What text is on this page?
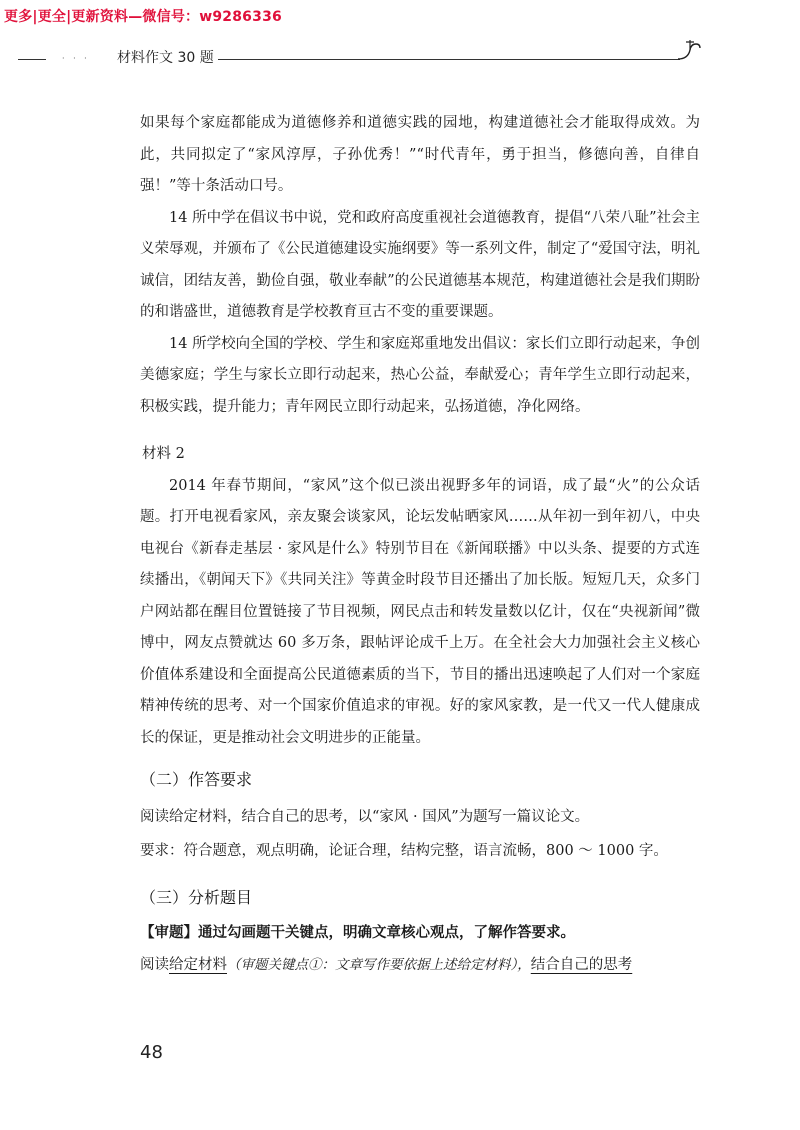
更多|更全|更新资料—微信号：w9286336
· · · 材料作文 30 题

如果每个家庭都能成为道德修养和道德实践的园地，构建道德社会才能取得成效。为此，共同拟定了“家风淳厚，子孙优秀！”“时代青年，勇于担当，修德向善，自律自强！”等十条活动口号。

14 所中学在倡议书中说，党和政府高度重视社会道德教育，提倡“八荣八耻”社会主义荣辱观，并颁布了《公民道德建设实施纲要》等一系列文件，制定了“爱国守法，明礼诚信，团结友善，勤俭自强，敬业奉献”的公民道德基本规范，构建道德社会是我们期盼的和谐盛世，道德教育是学校教育亘古不变的重要课题。

14 所学校向全国的学校、学生和家庭郑重地发出倡议：家长们立即行动起来，争创美德家庭；学生与家长立即行动起来，热心公益，奉献爱心；青年学生立即行动起来，积极实践，提升能力；青年网民立即行动起来，弘扬道德，净化网络。

材料 2

2014 年春节期间，“家风”这个似已淡出视野多年的词语，成了最“火”的公众话题。打开电视看家风，亲友聚会谈家风，论坛发帖晒家风……从年初一到年初八，中央电视台《新春走基层 · 家风是什么》特别节目在《新闻联播》中以头条、提要的方式连续播出，《朝闻天下》《共同关注》等黄金时段节目还播出了加长版。短短几天，众多门户网站都在醒目位置链接了节目视频，网民点击和转发量数以亿计，仅在“央视新闻”微博中，网友点赞就达 60 多万条，跟帖评论成千上万。在全社会大力加强社会主义核心价值体系建设和全面提高公民道德素质的当下，节目的播出迅速唤起了人们对一个家庭精神传统的思考、对一个国家价值追求的审视。好的家风家教，是一代又一代人健康成长的保证，更是推动社会文明进步的正能量。

（二）作答要求

阅读给定材料，结合自己的思考，以“家风 · 国风”为题写一篇议论文。

要求：符合题意，观点明确，论证合理，结构完整，语言流畅，800 ～ 1000 字。

（三）分析题目

【审题】通过勾画题干关键点，明确文章核心观点，了解作答要求。

阅读给定材料（审题关键点①：文章写作要依据上述给定材料），结合自己的思考

48
